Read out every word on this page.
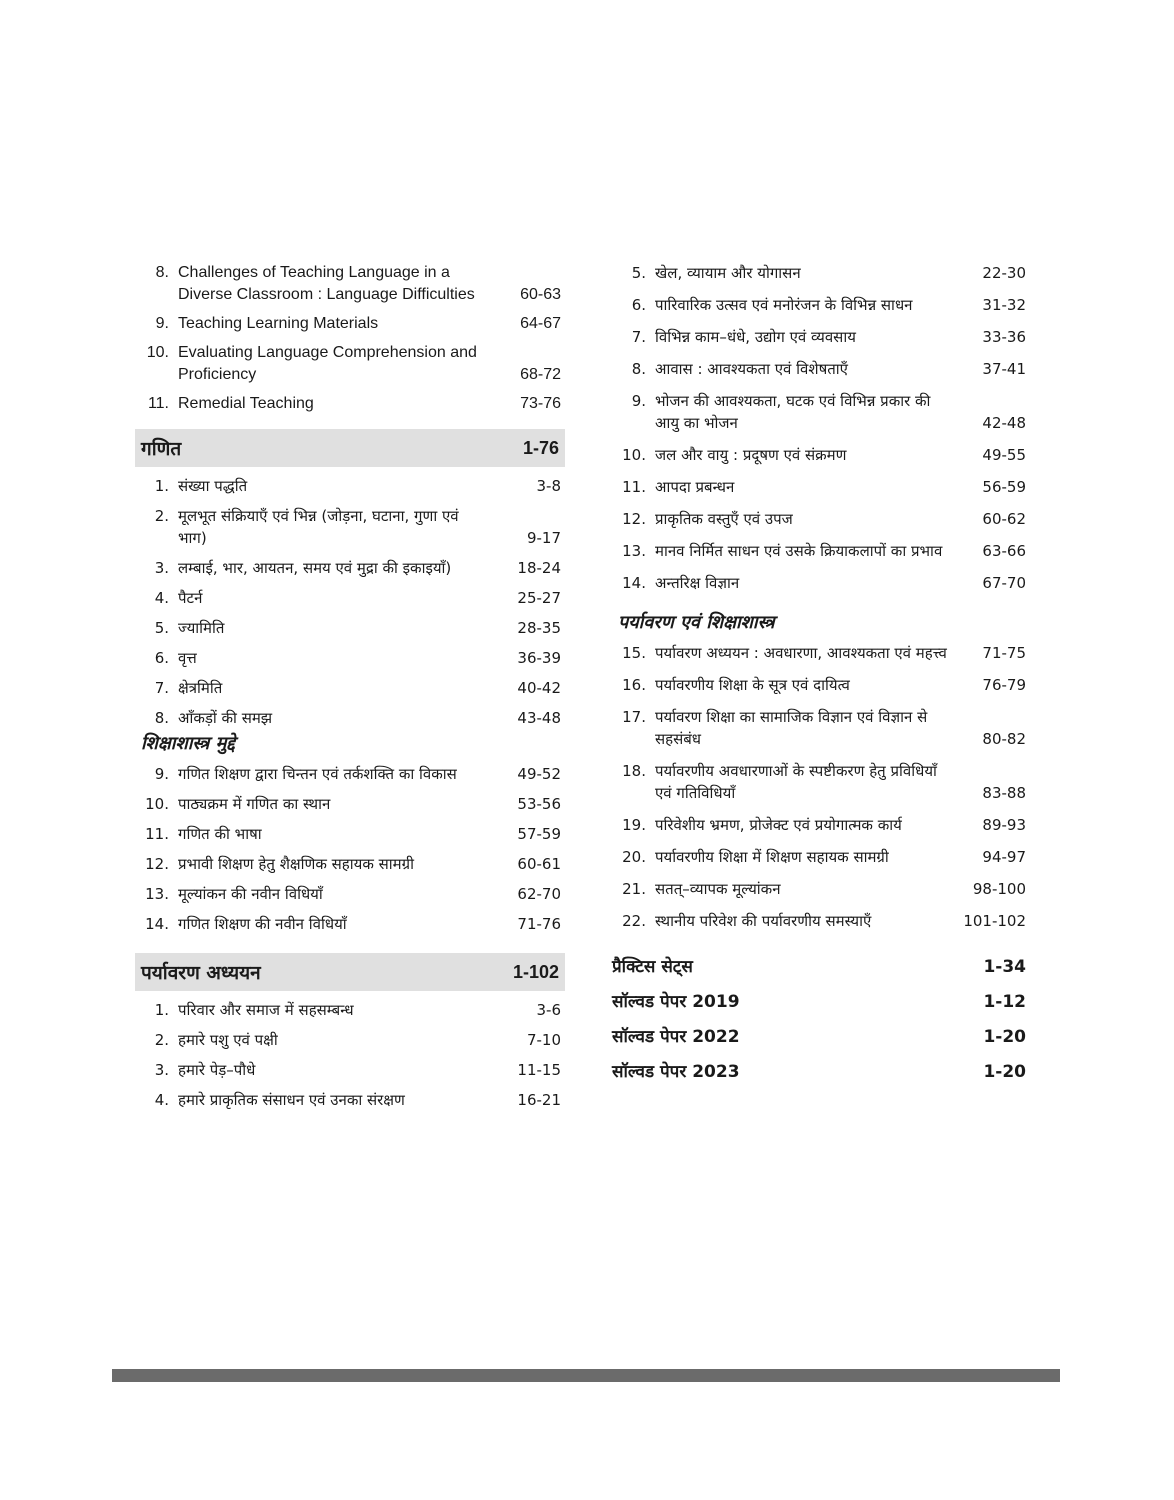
8. Challenges of Teaching Language in a Diverse Classroom : Language Difficulties	60-63
9. Teaching Learning Materials	64-67
10. Evaluating Language Comprehension and Proficiency	68-72
11. Remedial Teaching	73-76
गणित	1-76
1. संख्या पद्धति	3-8
2. मूलभूत संक्रियाएँ एवं भिन्न (जोड़ना, घटाना, गुणा एवं भाग)	9-17
3. लम्बाई, भार, आयतन, समय एवं मुद्रा की इकाइयाँ)	18-24
4. पैटर्न	25-27
5. ज्यामिति	28-35
6. वृत्त	36-39
7. क्षेत्रमिति	40-42
8. आँकड़ों की समझ	43-48
शिक्षाशास्त्र मुद्दे
9. गणित शिक्षण द्वारा चिन्तन एवं तर्कशक्ति का विकास	49-52
10. पाठ्यक्रम में गणित का स्थान	53-56
11. गणित की भाषा	57-59
12. प्रभावी शिक्षण हेतु शैक्षणिक सहायक सामग्री	60-61
13. मूल्यांकन की नवीन विधियाँ	62-70
14. गणित शिक्षण की नवीन विधियाँ	71-76
पर्यावरण अध्ययन	1-102
1. परिवार और समाज में सहसम्बन्ध	3-6
2. हमारे पशु एवं पक्षी	7-10
3. हमारे पेड़–पौधे	11-15
4. हमारे प्राकृतिक संसाधन एवं उनका संरक्षण	16-21
5. खेल, व्यायाम और योगासन	22-30
6. पारिवारिक उत्सव एवं मनोरंजन के विभिन्न साधन	31-32
7. विभिन्न काम–धंधे, उद्योग एवं व्यवसाय	33-36
8. आवास : आवश्यकता एवं विशेषताएँ	37-41
9. भोजन की आवश्यकता, घटक एवं विभिन्न प्रकार की आयु का भोजन	42-48
10. जल और वायु : प्रदूषण एवं संक्रमण	49-55
11. आपदा प्रबन्धन	56-59
12. प्राकृतिक वस्तुएँ एवं उपज	60-62
13. मानव निर्मित साधन एवं उसके क्रियाकलापों का प्रभाव	63-66
14. अन्तरिक्ष विज्ञान	67-70
पर्यावरण एवं शिक्षाशास्त्र
15. पर्यावरण अध्ययन : अवधारणा, आवश्यकता एवं महत्त्व	71-75
16. पर्यावरणीय शिक्षा के सूत्र एवं दायित्व	76-79
17. पर्यावरण शिक्षा का सामाजिक विज्ञान एवं विज्ञान से सहसंबंध	80-82
18. पर्यावरणीय अवधारणाओं के स्पष्टीकरण हेतु प्रविधियाँ एवं गतिविधियाँ	83-88
19. परिवेशीय भ्रमण, प्रोजेक्ट एवं प्रयोगात्मक कार्य	89-93
20. पर्यावरणीय शिक्षा में शिक्षण सहायक सामग्री	94-97
21. सतत्–व्यापक मूल्यांकन	98-100
22. स्थानीय परिवेश की पर्यावरणीय समस्याएँ	101-102
प्रैक्टिस सेट्स	1-34
सॉल्वड पेपर 2019	1-12
सॉल्वड पेपर 2022	1-20
सॉल्वड पेपर 2023	1-20
